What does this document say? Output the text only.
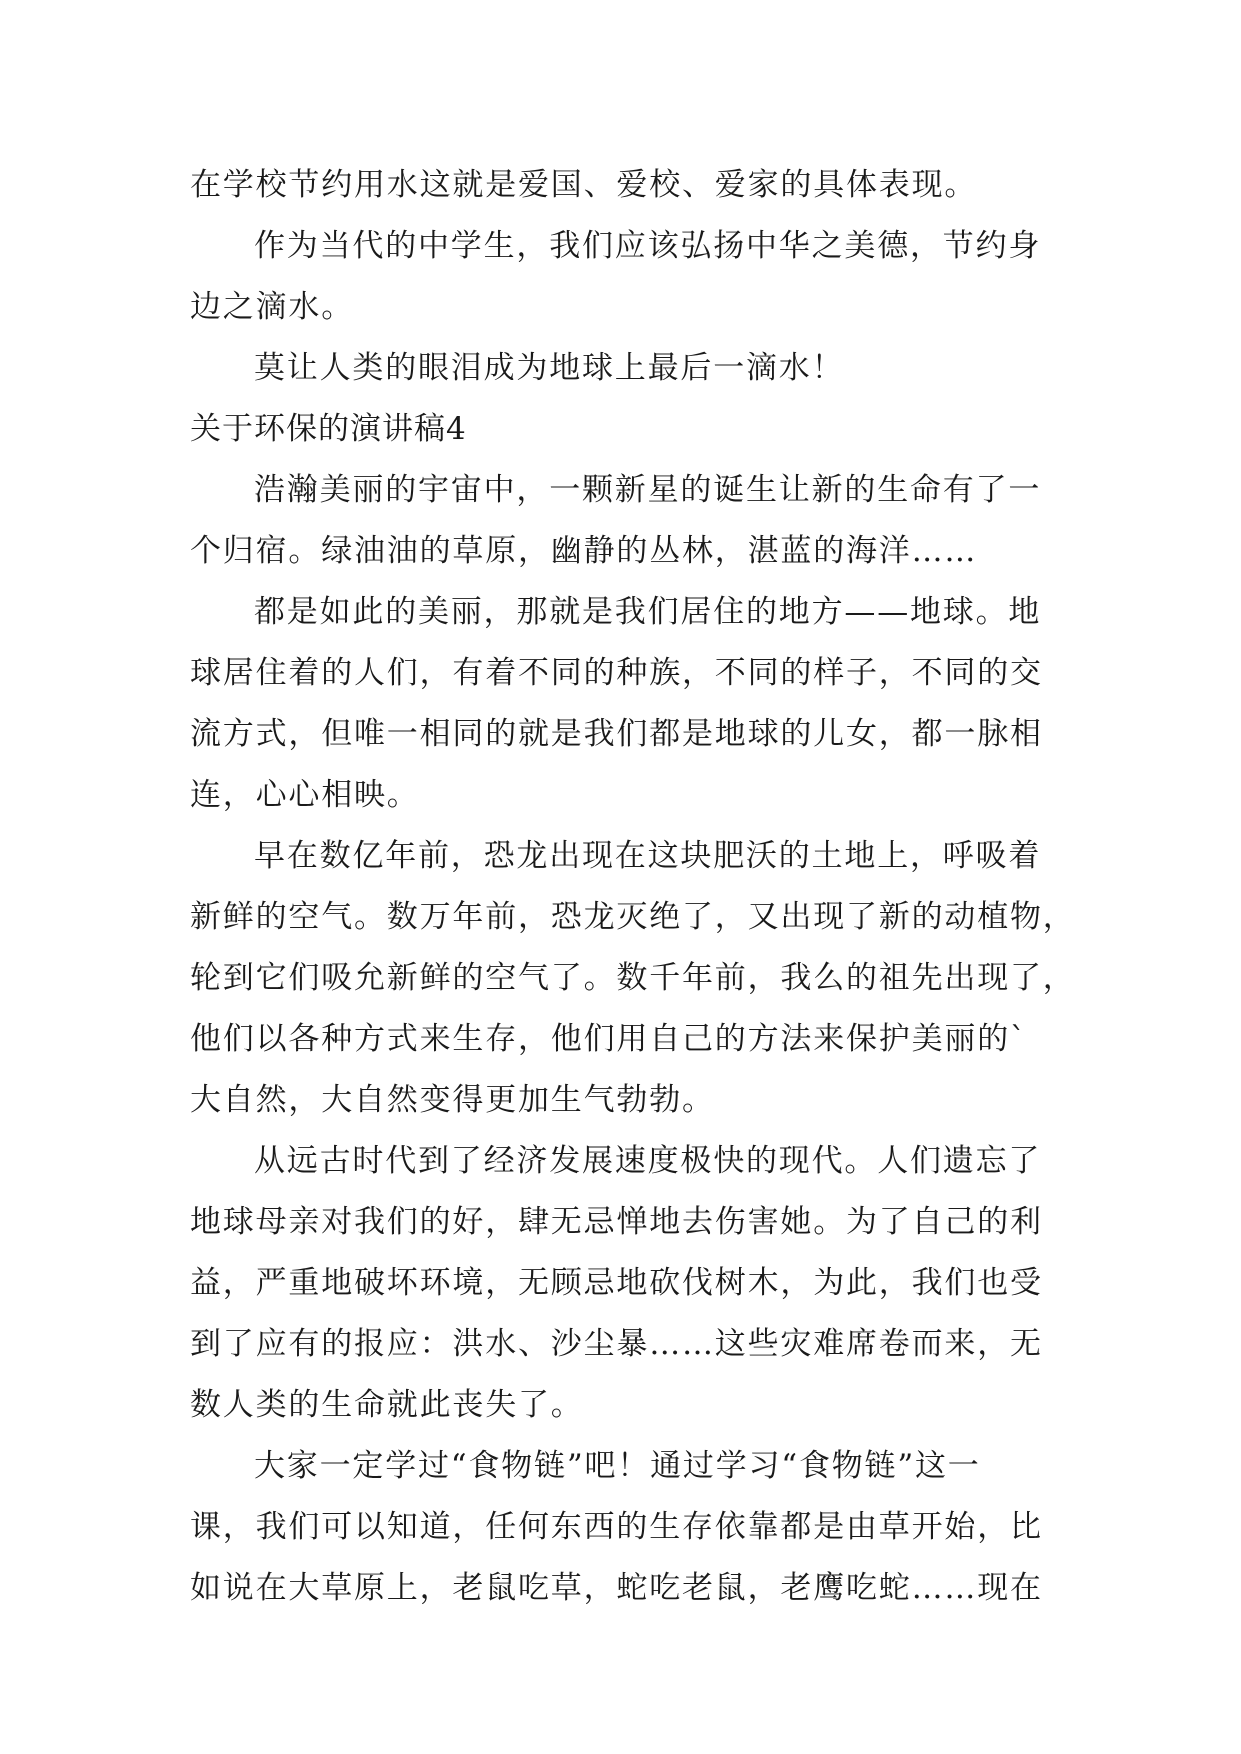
在学校节约用水这就是爱国、爱校、爱家的具体表现。
作为当代的中学生，我们应该弘扬中华之美德，节约身
边之滴水。
莫让人类的眼泪成为地球上最后一滴水！
关于环保的演讲稿4
浩瀚美丽的宇宙中，一颗新星的诞生让新的生命有了一
个归宿。绿油油的草原，幽静的丛林，湛蓝的海洋……
都是如此的美丽，那就是我们居住的地方——地球。地
球居住着的人们，有着不同的种族，不同的样子，不同的交
流方式，但唯一相同的就是我们都是地球的儿女，都一脉相
连，心心相映。
早在数亿年前，恐龙出现在这块肥沃的土地上，呼吸着
新鲜的空气。数万年前，恐龙灭绝了，又出现了新的动植物，
轮到它们吸允新鲜的空气了。数千年前，我么的祖先出现了，
他们以各种方式来生存，他们用自己的方法来保护美丽的`
大自然，大自然变得更加生气勃勃。
从远古时代到了经济发展速度极快的现代。人们遗忘了
地球母亲对我们的好，肆无忌惮地去伤害她。为了自己的利
益，严重地破坏环境，无顾忌地砍伐树木，为此，我们也受
到了应有的报应：洪水、沙尘暴……这些灾难席卷而来，无
数人类的生命就此丧失了。
大家一定学过“食物链”吧！通过学习“食物链”这一
课，我们可以知道，任何东西的生存依靠都是由草开始，比
如说在大草原上，老鼠吃草，蛇吃老鼠，老鹰吃蛇……现在
